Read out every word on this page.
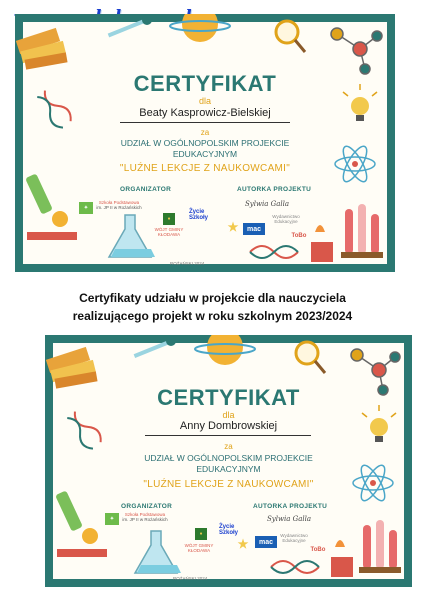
CERTYFIKAT
dla
Beaty Kasprowicz-Bielskiej
za
UDZIAŁ W OGÓLNOPOLSKIM PROJEKCIE
EDUKACYJNYM
"LUŹNE LEKCJE Z NAUKOWCAMI"
ORGANIZATOR	AUTORKA PROJEKTU
✦
Szkoła Podstawowa
im. JP II w Rożańskich
♦
WÓJT GMINY KŁODAWA
Życie Szkoły
★	mac
Sylwia Galla
Wydawnictwo Edukacyjne
ToBo
ROŻAŃSKI 2024
Certyfikaty udziału w projekcie dla nauczyciela
realizującego projekt w roku szkolnym 2023/2024
CERTYFIKAT
dla
Anny Dombrowskiej
za
UDZIAŁ W OGÓLNOPOLSKIM PROJEKCIE
EDUKACYJNYM
"LUŹNE LEKCJE Z NAUKOWCAMI"
ORGANIZATOR	AUTORKA PROJEKTU
✦
Szkoła Podstawowa
im. JP II w Rożańskich
♦
WÓJT GMINY KŁODAWA
Życie Szkoły
★	mac
Sylwia Galla
Wydawnictwo Edukacyjne
ToBo
ROŻAŃSKI 2024
